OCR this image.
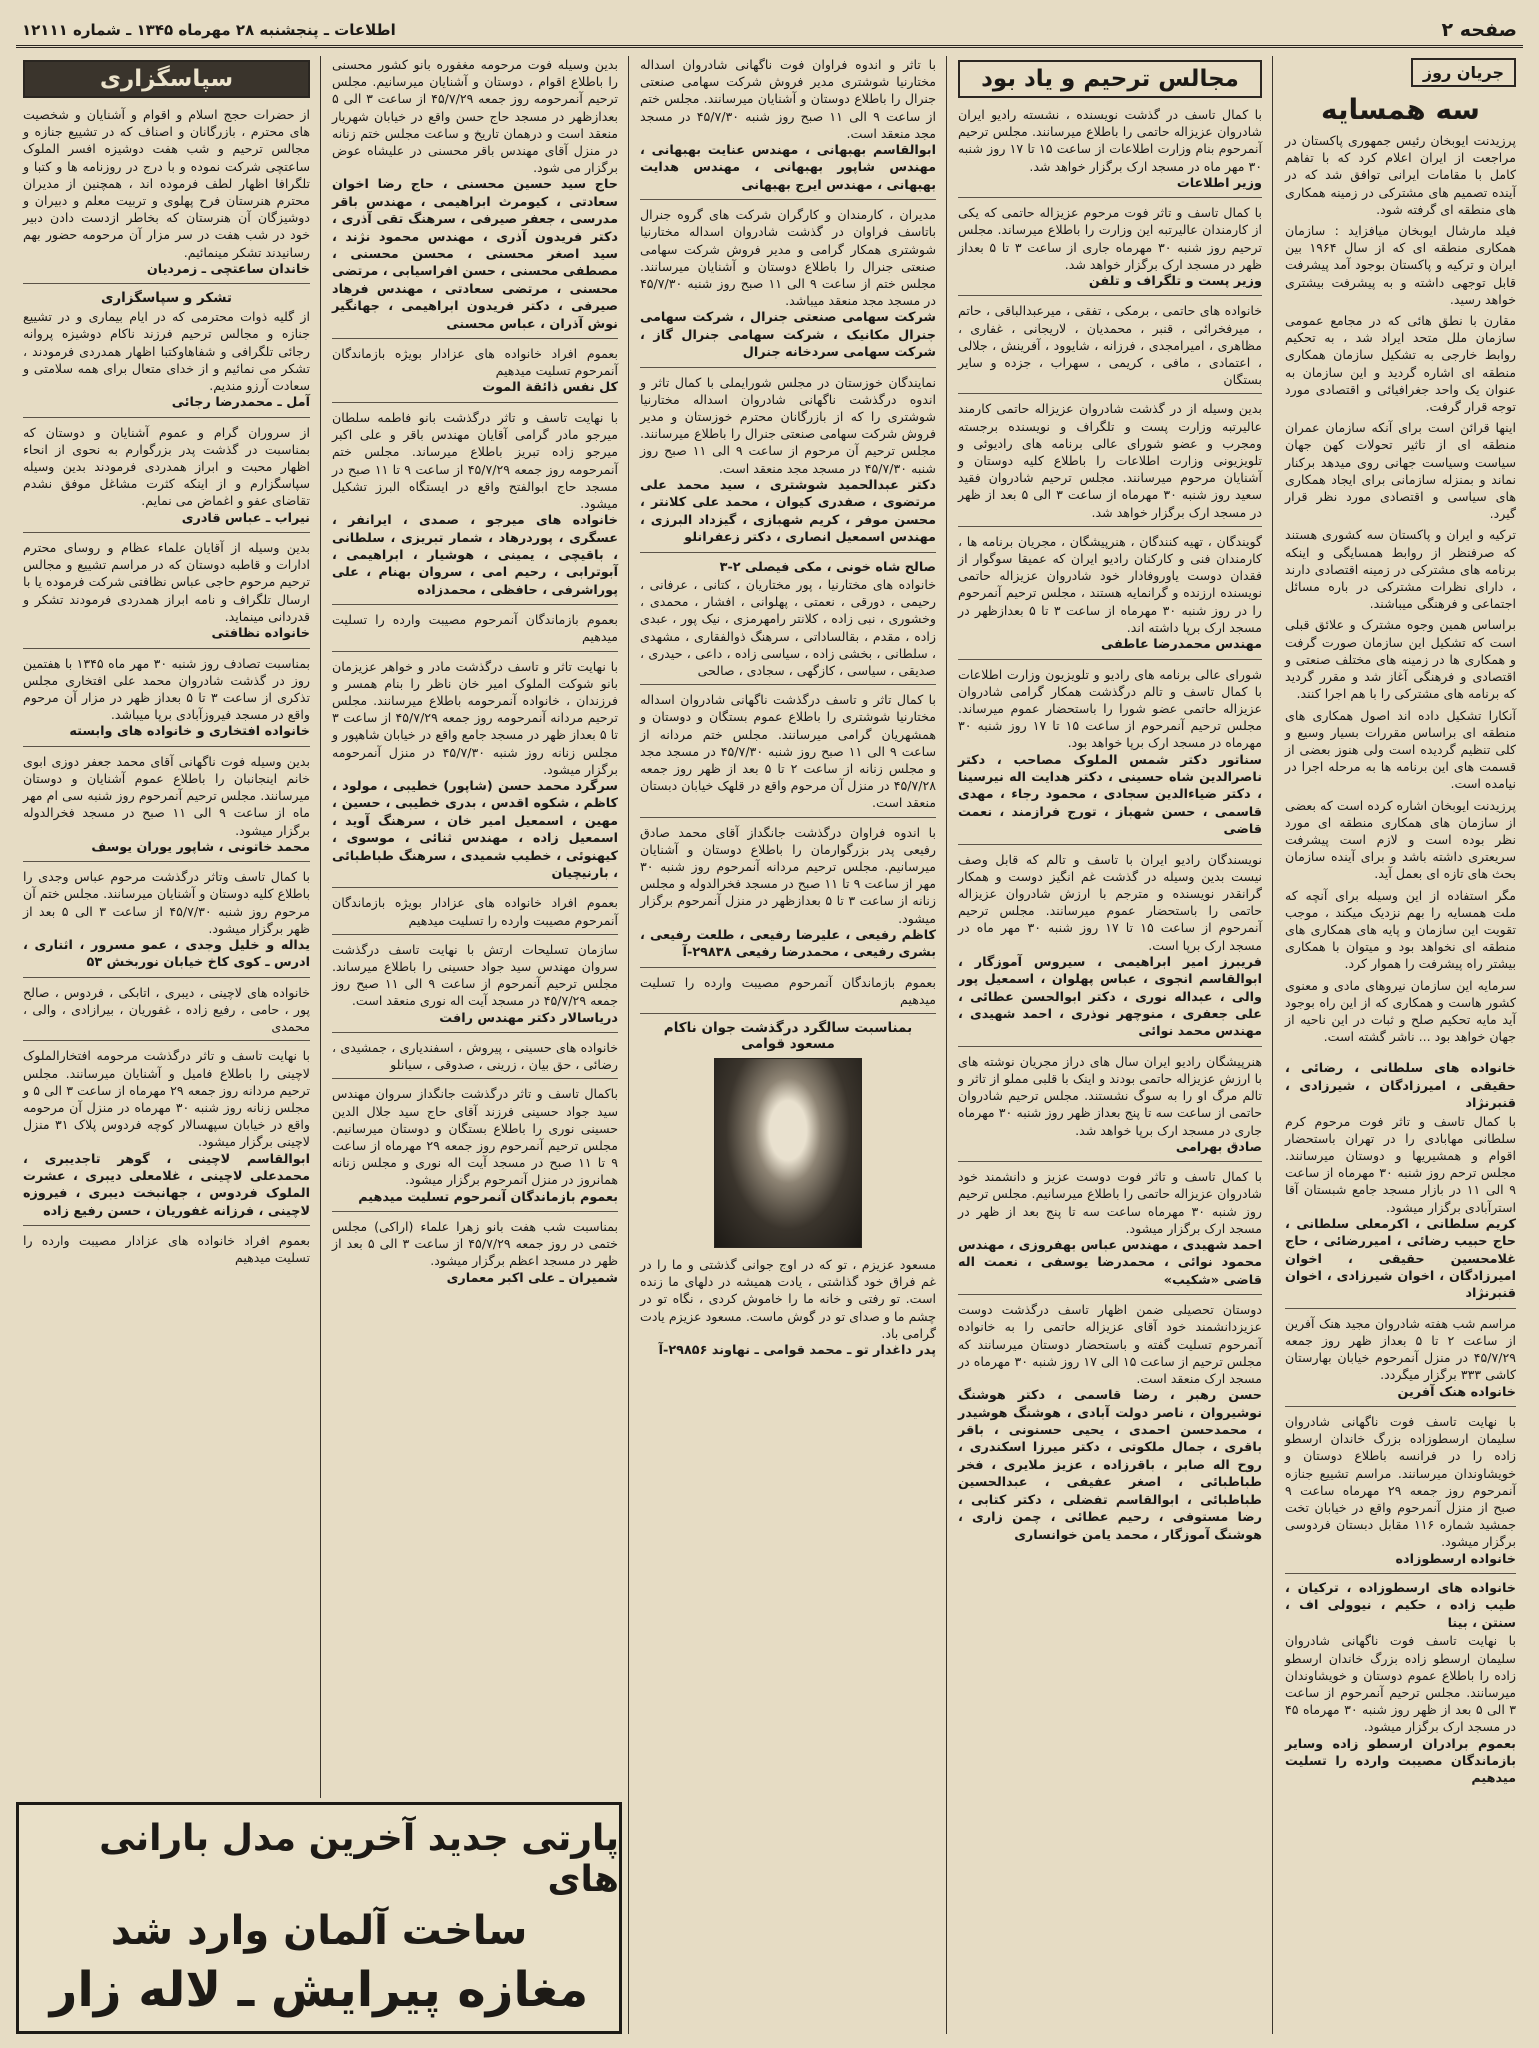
صفحه ۲
اطلاعات ـ پنجشنبه ۲۸ مهرماه ۱۳۴۵ ـ شماره ۱۲۱۱۱
جریان روز
سه همسایه

پرزیدنت ایوبخان رئیس جمهوری پاکستان در مراجعت از ایران اعلام کرد که با تفاهم کامل با مقامات ایرانی توافق شد که در آینده تصمیم های مشترکی در زمینه همکاری های منطقه ای گرفته شود.

فیلد مارشال ایوبخان میافزاید : سازمان همکاری منطقه ای که از سال ۱۹۶۴ بین ایران و ترکیه و پاکستان بوجود آمد پیشرفت قابل توجهی داشته و به پیشرفت بیشتری خواهد رسید.

مقارن با نطق هائی که در مجامع عمومی سازمان ملل متحد ایراد شد ، به تحکیم روابط خارجی به تشکیل سازمان همکاری منطقه ای اشاره گردید و این سازمان به عنوان یک واحد جغرافیائی و اقتصادی مورد توجه قرار گرفت.

اینها قرائن است برای آنکه سازمان عمران منطقه ای از تاثیر تحولات کهن جهان سیاست وسیاست جهانی روی میدهد برکنار نماند و بمنزله سازمانی برای ایجاد همکاری های سیاسی و اقتصادی مورد نظر قرار گیرد.

ترکیه و ایران و پاکستان سه کشوری هستند که صرفنظر از روابط همسایگی و اینکه برنامه های مشترکی در زمینه اقتصادی دارند ، دارای نظرات مشترکی در باره مسائل اجتماعی و فرهنگی میباشند.

براساس همین وجوه مشترک و علائق قبلی است که تشکیل این سازمان صورت گرفت و همکاری ها در زمینه های مختلف صنعتی و اقتصادی و فرهنگی آغاز شد و مقرر گردید که برنامه های مشترکی را با هم اجرا کنند.

آنکارا تشکیل داده اند اصول همکاری های منطقه ای براساس مقررات بسیار وسیع و کلی تنظیم گردیده است ولی هنوز بعضی از قسمت های این برنامه ها به مرحله اجرا در نیامده است.

پرزیدنت ایوبخان اشاره کرده است که بعضی از سازمان های همکاری منطقه ای مورد نظر بوده است و لازم است پیشرفت سریعتری داشته باشد و برای آینده سازمان بحث های تازه ای بعمل آید.

مگر استفاده از این وسیله برای آنچه که ملت همسایه را بهم نزدیک میکند ، موجب تقویت این سازمان و پایه های همکاری های منطقه ای نخواهد بود و میتوان با همکاری بیشتر راه پیشرفت را هموار کرد.

سرمایه این سازمان نیروهای مادی و معنوی کشور هاست و همکاری که از این راه بوجود آید مایه تحکیم صلح و ثبات در این ناحیه از جهان خواهد بود ... ناشر گشته است.

خانواده های سلطانی ، رضائی ، حقیقی ، امیرزادگان ، شیرزادی ، قنبرنژاد

با کمال تاسف و تاثر فوت مرحوم کرم سلطانی مهابادی را در تهران باستحضار اقوام و همشیریها و دوستان میرسانند. مجلس ترحم روز شنبه ۳۰ مهرماه از ساعت ۹ الی ۱۱ در بازار مسجد جامع شبستان آقا استرآبادی برگزار میشود.

کریم سلطانی ، اکرمعلی سلطانی ، حاج حبیب رضائی ، امیررضائی ، حاج غلامحسین حقیقی ، اخوان امیرزادگان ، اخوان شیرزادی ، اخوان قنبرنژاد

مراسم شب هفته شادروان مجید هنک آفرین از ساعت ۲ تا ۵ بعداز ظهر روز جمعه ۴۵/۷/۲۹ در منزل آنمرحوم خیابان بهارستان کاشی ۳۳۳ برگزار میگردد.

خانواده هنک آفرین

با نهایت تاسف فوت ناگهانی شادروان سلیمان ارسطوزاده بزرگ خاندان ارسطو زاده را در فرانسه باطلاع دوستان و خویشاوندان میرسانند. مراسم تشییع جنازه آنمرحوم روز جمعه ۲۹ مهرماه ساعت ۹ صبح از منزل آنمرحوم واقع در خیابان تخت جمشید شماره ۱۱۶ مقابل دبستان فردوسی برگزار میشود.

خانواده ارسطوزاده
خانواده های ارسطوزاده ، ترکیان ، طیب زاده ، حکیم ، نیوولی اف ، سنتن ، بینا

با نهایت تاسف فوت ناگهانی شادروان سلیمان ارسطو زاده بزرگ خاندان ارسطو زاده را باطلاع عموم دوستان و خویشاوندان میرسانند. مجلس ترحیم آنمرحوم از ساعت ۳ الی ۵ بعد از ظهر روز شنبه ۳۰ مهرماه ۴۵ در مسجد ارک برگزار میشود.

بعموم برادران ارسطو زاده وسایر بازماندگان مصیبت وارده را تسلیت میدهیم
مجالس ترحیم و یاد بود

با کمال تاسف در گذشت نویسنده ، نشسته رادیو ایران شادروان عزیزاله حاتمی را باطلاع میرسانند. مجلس ترحیم آنمرحوم بنام وزارت اطلاعات از ساعت ۱۵ تا ۱۷ روز شنبه ۳۰ مهر ماه در مسجد ارک برگزار خواهد شد.

وزیر اطلاعات

با کمال تاسف و تاثر فوت مرحوم عزیزاله حاتمی که یکی از کارمندان عالیرتبه این وزارت را باطلاع میرساند. مجلس ترحیم روز شنبه ۳۰ مهرماه جاری از ساعت ۳ تا ۵ بعداز ظهر در مسجد ارک برگزار خواهد شد.

وزیر پست و تلگراف و تلفن

خانواده های حاتمی ، برمکی ، تفقی ، میرعبدالباقی ، حاتم ، میرفخرائی ، قنبر ، محمدیان ، لاریجانی ، غفاری ، مظاهری ، امیرامجدی ، فرزانه ، شایوود ، آفرینش ، جلالی ، اعتمادی ، مافی ، کریمی ، سهراب ، جزده و سایر بستگان

بدین وسیله از در گذشت شادروان عزیزاله حاتمی کارمند عالیرتبه وزارت پست و تلگراف و نویسنده برجسته ومجرب و عضو شورای عالی برنامه های رادیوئی و تلویزیونی وزارت اطلاعات را باطلاع کلیه دوستان و آشنایان مرحوم میرسانند. مجلس ترحیم شادروان فقید سعید روز شنبه ۳۰ مهرماه از ساعت ۳ الی ۵ بعد از ظهر در مسجد ارک برگزار خواهد شد.

گویندگان ، تهیه کنندگان ، هنرپیشگان ، مجریان برنامه ها ، کارمندان فنی و کارکنان رادیو ایران که عمیقا سوگوار از فقدان دوست یاوروفادار خود شادروان عزیزاله حاتمی نویسنده ارزنده و گرانمایه هستند ، مجلس ترحیم آنمرحوم را در روز شنبه ۳۰ مهرماه از ساعت ۳ تا ۵ بعدازظهر در مسجد ارک برپا داشته اند.

مهندس محمدرضا عاطفی

شورای عالی برنامه های رادیو و تلویزیون وزارت اطلاعات با کمال تاسف و تالم درگذشت همکار گرامی شادروان عزیزاله حاتمی عضو شورا را باستحضار عموم میرساند. مجلس ترحیم آنمرحوم از ساعت ۱۵ تا ۱۷ روز شنبه ۳۰ مهرماه در مسجد ارک برپا خواهد بود.

سناتور دکتر شمس الملوک مصاحب ، دکتر ناصرالدین شاه حسینی ، دکتر هدایت اله نیرسینا ، دکتر ضیاءالدین سجادی ، محمود رجاء ، مهدی قاسمی ، حسن شهباز ، تورج فرازمند ، نعمت قاضی

نویسندگان رادیو ایران با تاسف و تالم که قابل وصف نیست بدین وسیله در گذشت غم انگیز دوست و همکار گرانقدر نویسنده و مترجم با ارزش شادروان عزیزاله حاتمی را باستحضار عموم میرسانند. مجلس ترحیم آنمرحوم از ساعت ۱۵ تا ۱۷ روز شنبه ۳۰ مهر ماه در مسجد ارک برپا است.

فریبرز امیر ابراهیمی ، سیروس آموزگار ، ابوالقاسم انجوی ، عباس پهلوان ، اسمعیل پور والی ، عبداله نوری ، دکتر ابوالحسن عطائی ، علی جعفری ، منوچهر نوذری ، احمد شهیدی ، مهندس محمد نوائی

هنرپیشگان رادیو ایران سال های دراز مجریان نوشته های با ارزش عزیزاله حاتمی بودند و اینک با قلبی مملو از تاثر و تالم مرگ او را به سوگ نشستند. مجلس ترحیم شادروان حاتمی از ساعت سه تا پنج بعداز ظهر روز شنبه ۳۰ مهرماه جاری در مسجد ارک برپا خواهد شد.

صادق بهرامی

با کمال تاسف و تاثر فوت دوست عزیز و دانشمند خود شادروان عزیزاله حاتمی را باطلاع میرسانیم. مجلس ترحیم روز شنبه ۳۰ مهرماه ساعت سه تا پنج بعد از ظهر در مسجد ارک برگزار میشود.

احمد شهیدی ، مهندس عباس بهفروزی ، مهندس محمود نوائی ، محمدرضا یوسفی ، نعمت اله قاضی «شکیب»

دوستان تحصیلی ضمن اظهار تاسف درگذشت دوست عزیزدانشمند خود آقای عزیزاله حاتمی را به خانواده آنمرحوم تسلیت گفته و باستحضار دوستان میرسانند که مجلس ترحیم از ساعت ۱۵ الی ۱۷ روز شنبه ۳۰ مهرماه در مسجد ارک منعقد است.

حسن رهبر ، رضا قاسمی ، دکتر هوشنگ نوشیروان ، ناصر دولت آبادی ، هوشنگ هوشیدر ، محمدحسن احمدی ، یحیی حسنونی ، باقر باقری ، جمال ملکوتی ، دکتر میرزا اسکندری ، روح اله صابر ، باقرزاده ، عزیز ملایری ، فخر طباطبائی ، اصغر عفیفی ، عبدالحسین طباطبائی ، ابوالقاسم تفضلی ، دکتر کتابی ، رضا مستوفی ، رحیم عطائی ، چمن زاری ، هوشنگ آموزگار ، محمد یامن خوانساری

با تاثر و اندوه فراوان فوت ناگهانی شادروان اسداله مختارنیا شوشتری مدیر فروش شرکت سهامی صنعتی جنرال را باطلاع دوستان و آشنایان میرسانند. مجلس ختم از ساعت ۹ الی ۱۱ صبح روز شنبه ۴۵/۷/۳۰ در مسجد مجد منعقد است.

ابوالقاسم بهبهانی ، مهندس عنایت بهبهانی ، مهندس شاپور بهبهانی ، مهندس هدایت بهبهانی ، مهندس ایرج بهبهانی

مدیران ، کارمندان و کارگران شرکت های گروه جنرال باتاسف فراوان در گذشت شادروان اسداله مختارنیا شوشتری همکار گرامی و مدیر فروش شرکت سهامی صنعتی جنرال را باطلاع دوستان و آشنایان میرسانند. مجلس ختم از ساعت ۹ الی ۱۱ صبح روز شنبه ۴۵/۷/۳۰ در مسجد مجد منعقد میباشد.

شرکت سهامی صنعتی جنرال ، شرکت سهامی جنرال مکانیک ، شرکت سهامی جنرال گاز ، شرکت سهامی سردخانه جنرال

نمایندگان خوزستان در مجلس شورایملی با کمال تاثر و اندوه درگذشت ناگهانی شادروان اسداله مختارنیا شوشتری را که از بازرگانان محترم خوزستان و مدیر فروش شرکت سهامی صنعتی جنرال را باطلاع میرسانند. مجلس ترحیم آن مرحوم از ساعت ۹ الی ۱۱ صبح روز شنبه ۴۵/۷/۳۰ در مسجد مجد منعقد است.

دکتر عبدالحمید شوشتری ، سید محمد علی مرتضوی ، صفدری کیوان ، محمد علی کلانتر ، محسن موفر ، کریم شهبازی ، گیزداد البرزی ، مهندس اسمعیل انصاری ، دکتر زعفرانلو
صالح شاه خونی ، مکی فیصلی ۲-۳

خانواده های مختارنیا ، پور مختاریان ، کتانی ، عرفانی ، رحیمی ، دورقی ، نعمتی ، پهلوانی ، افشار ، محمدی ، وخشوری ، نبی زاده ، کلانتر رامهرمزی ، نیک پور ، عبدی زاده ، مقدم ، بقالساداتی ، سرهنگ ذوالفقاری ، مشهدی ، سلطانی ، بخشی زاده ، سیاسی زاده ، داعی ، حیدری ، صدیقی ، سیاسی ، کازگهی ، سجادی ، صالحی

با کمال تاثر و تاسف درگذشت ناگهانی شادروان اسداله مختارنیا شوشتری را باطلاع عموم بستگان و دوستان و همشهریان گرامی میرسانند. مجلس ختم مردانه از ساعت ۹ الی ۱۱ صبح روز شنبه ۴۵/۷/۳۰ در مسجد مجد و مجلس زنانه از ساعت ۲ تا ۵ بعد از ظهر روز جمعه ۴۵/۷/۲۸ در منزل آن مرحوم واقع در قلهک خیابان دبستان منعقد است.

با اندوه فراوان درگذشت جانگداز آقای محمد صادق رفیعی پدر بزرگوارمان را باطلاع دوستان و آشنایان میرسانیم. مجلس ترحیم مردانه آنمرحوم روز شنبه ۳۰ مهر از ساعت ۹ تا ۱۱ صبح در مسجد فخرالدوله و مجلس زنانه از ساعت ۳ تا ۵ بعدازظهر در منزل آنمرحوم برگزار میشود.

کاظم رفیعی ، علیرضا رفیعی ، طلعت رفیعی ، بشری رفیعی ، محمدرضا رفیعی ۲۹۸۳۸-آ

بعموم بازماندگان آنمرحوم مصیبت وارده را تسلیت میدهیم

بمناسبت سالگرد درگذشت جوان ناکام مسعود قوامی

مسعود عزیزم ، تو که در اوج جوانی گذشتی و ما را در غم فراق خود گذاشتی ، یادت همیشه در دلهای ما زنده است. تو رفتی و خانه ما را خاموش کردی ، نگاه تو در چشم ما و صدای تو در گوش ماست. مسعود عزیزم یادت گرامی باد.

پدر داغدار تو ـ محمد قوامی ـ نهاوند ۲۹۸۵۶-آ

بدین وسیله فوت مرحومه مغفوره بانو کشور محسنی را باطلاع اقوام ، دوستان و آشنایان میرسانیم. مجلس ترحیم آنمرحومه روز جمعه ۴۵/۷/۲۹ از ساعت ۳ الی ۵ بعدازظهر در مسجد حاج حسن واقع در خیابان شهریار منعقد است و درهمان تاریخ و ساعت مجلس ختم زنانه در منزل آقای مهندس باقر محسنی در علیشاه عوض برگزار می شود.

حاج سید حسین محسنی ، حاج رضا اخوان سعادتی ، کیومرث ابراهیمی ، مهندس باقر مدرسی ، جعفر صیرفی ، سرهنگ تقی آذری ، دکتر فریدون آذری ، مهندس محمود نژند ، سید اصغر محسنی ، محسن محسنی ، مصطفی محسنی ، حسن افراسیابی ، مرتضی محسنی ، مرتضی سعادتی ، مهندس فرهاد صیرفی ، دکتر فریدون ابراهیمی ، جهانگیر نوش آذران ، عباس محسنی

بعموم افراد خانواده های عزادار بویژه بازماندگان آنمرحوم تسلیت میدهیم

کل نفس ذائقة الموت

با نهایت تاسف و تاثر درگذشت بانو فاطمه سلطان میرجو مادر گرامی آقایان مهندس باقر و علی اکبر میرجو زاده تبریز باطلاع میرساند. مجلس ختم آنمرحومه روز جمعه ۴۵/۷/۲۹ از ساعت ۹ تا ۱۱ صبح در مسجد حاج ابوالفتح واقع در ایستگاه البرز تشکیل میشود.

خانواده های میرجو ، صمدی ، ایرانفر ، عسگری ، پوردرهاد ، شمار تبریزی ، سلطانی ، باقیچی ، یمینی ، هوشیار ، ابراهیمی ، آبوترابی ، رحیم امی ، سروان بهنام ، علی پوراشرفی ، حافظی ، محمدزاده

بعموم بازماندگان آنمرحوم مصیبت وارده را تسلیت میدهیم

با نهایت تاثر و تاسف درگذشت مادر و خواهر عزیزمان بانو شوکت الملوک امیر خان ناظر را بنام همسر و فرزندان ، خانواده آنمرحومه باطلاع میرسانند. مجلس ترحیم مردانه آنمرحومه روز جمعه ۴۵/۷/۲۹ از ساعت ۳ تا ۵ بعداز ظهر در مسجد جامع واقع در خیابان شاهپور و مجلس زنانه روز شنبه ۴۵/۷/۳۰ در منزل آنمرحومه برگزار میشود.

سرگرد محمد حسن (شاپور) خطیبی ، مولود ، کاظم ، شکوه اقدس ، بدری خطیبی ، حسین ، مهین ، اسمعیل امیر خان ، سرهنگ آوید ، اسمعیل زاده ، مهندس ثنائی ، موسوی ، کیهنوئی ، خطیب شمیدی ، سرهنگ طباطبائی ، بارنیچیان

بعموم افراد خانواده های عزادار بویژه بازماندگان آنمرحوم مصیبت وارده را تسلیت میدهیم

سازمان تسلیحات ارتش با نهایت تاسف درگذشت سروان مهندس سید جواد حسینی را باطلاع میرساند. مجلس ترحیم آنمرحوم از ساعت ۹ الی ۱۱ صبح روز جمعه ۴۵/۷/۲۹ در مسجد آیت اله نوری منعقد است.

دریاسالار دکتر مهندس رافت

خانواده های حسینی ، پیروش ، اسفندیاری ، جمشیدی ، رضائی ، حق بیان ، زرینی ، صدوقی ، سیانلو

باکمال تاسف و تاثر درگذشت جانگداز سروان مهندس سید جواد حسینی فرزند آقای حاج سید جلال الدین حسینی نوری را باطلاع بستگان و دوستان میرسانیم. مجلس ترحیم آنمرحوم روز جمعه ۲۹ مهرماه از ساعت ۹ تا ۱۱ صبح در مسجد آیت اله نوری و مجلس زنانه همانروز در منزل آنمرحوم برگزار میشود.

بعموم بازماندگان آنمرحوم تسلیت میدهیم

بمناسبت شب هفت بانو زهرا علماء (اراکی) مجلس ختمی در روز جمعه ۴۵/۷/۲۹ از ساعت ۳ الی ۵ بعد از ظهر در مسجد اعظم برگزار میشود.

شمیران ـ علی اکبر معماری
سپاسگزاری

از حضرات حجج اسلام و اقوام و آشنایان و شخصیت های محترم ، بازرگانان و اصناف که در تشییع جنازه و مجالس ترحیم و شب هفت دوشیزه افسر الملوک ساعتچی شرکت نموده و با درج در روزنامه ها و کتبا و تلگرافا اظهار لطف فرموده اند ، همچنین از مدیران محترم هنرستان فرح پهلوی و تربیت معلم و دبیران و دوشیزگان آن هنرستان که بخاطر ازدست دادن دبیر خود در شب هفت در سر مزار آن مرحومه حضور بهم رسانیدند تشکر مینمائیم.

خاندان ساعتچی ـ زمردیان
تشکر و سپاسگزاری

از گلیه ذوات محترمی که در ایام بیماری و در تشییع جنازه و مجالس ترحیم فرزند ناکام دوشیزه پروانه رجائی تلگرافی و شفاهاوکتبا اظهار همدردی فرمودند ، تشکر می نمائیم و از خدای متعال برای همه سلامتی و سعادت آرزو مندیم.

آمل ـ محمدرضا رجائی

از سروران گرام و عموم آشنایان و دوستان که بمناسبت در گذشت پدر بزرگوارم به نحوی از انحاء اظهار محبت و ابراز همدردی فرمودند بدین وسیله سپاسگزارم و از اینکه کثرت مشاغل موفق نشدم تقاضای عفو و اغماض می نمایم.

نیراب ـ عباس قادری

بدین وسیله از آقایان علماء عظام و روسای محترم ادارات و قاطبه دوستان که در مراسم تشییع و مجالس ترحیم مرحوم حاجی عباس نظافتی شرکت فرموده یا با ارسال تلگراف و نامه ابراز همدردی فرمودند تشکر و قدردانی مینماید.

خانواده نظافتی

بمناسبت تصادف روز شنبه ۳۰ مهر ماه ۱۳۴۵ با هفتمین روز در گذشت شادروان محمد علی افتخاری مجلس تذکری از ساعت ۳ تا ۵ بعداز ظهر در مزار آن مرحوم واقع در مسجد فیروزآبادی برپا میباشد.

خانواده افتخاری و خانواده های وابسته

بدین وسیله فوت ناگهانی آقای محمد جعفر دوزی ابوی خانم اینجانبان را باطلاع عموم آشنایان و دوستان میرسانند. مجلس ترحیم آنمرحوم روز شنبه سی ام مهر ماه از ساعت ۹ الی ۱۱ صبح در مسجد فخرالدوله برگزار میشود.

محمد خاتونی ، شاپور یوران یوسف

با کمال تاسف وتاثر درگذشت مرحوم عباس وجدی را باطلاع کلیه دوستان و آشنایان میرسانند. مجلس ختم آن مرحوم روز شنبه ۴۵/۷/۳۰ از ساعت ۳ الی ۵ بعد از ظهر برگزار میشود.

یداله و خلیل وجدی ، عمو مسرور ، اثناری ، ادرس ـ کوی کاخ خیابان نوربخش ۵۳

خانواده های لاچینی ، دیبری ، اتابکی ، فردوس ، صالح پور ، حامی ، رفیع زاده ، غفوریان ، بیرازادی ، والی ، محمدی

با نهایت تاسف و تاثر درگذشت مرحومه افتخارالملوک لاچینی را باطلاع فامیل و آشنایان میرسانند. مجلس ترحیم مردانه روز جمعه ۲۹ مهرماه از ساعت ۳ الی ۵ و مجلس زنانه روز شنبه ۳۰ مهرماه در منزل آن مرحومه واقع در خیابان سپهسالار کوچه فردوس پلاک ۳۱ منزل لاچینی برگزار میشود.

ابوالقاسم لاچینی ، گوهر تاجدیبری ، محمدعلی لاچینی ، غلامعلی دیبری ، عشرت الملوک فردوس ، جهانبخت دیبری ، فیروزه لاچینی ، فرزانه غفوریان ، حسن رفیع زاده

بعموم افراد خانواده های عزادار مصیبت وارده را تسلیت میدهیم

پارتی جدید آخرین مدل بارانی های
ساخت آلمان وارد شد
مغازه پیرایش ـ لاله زار
